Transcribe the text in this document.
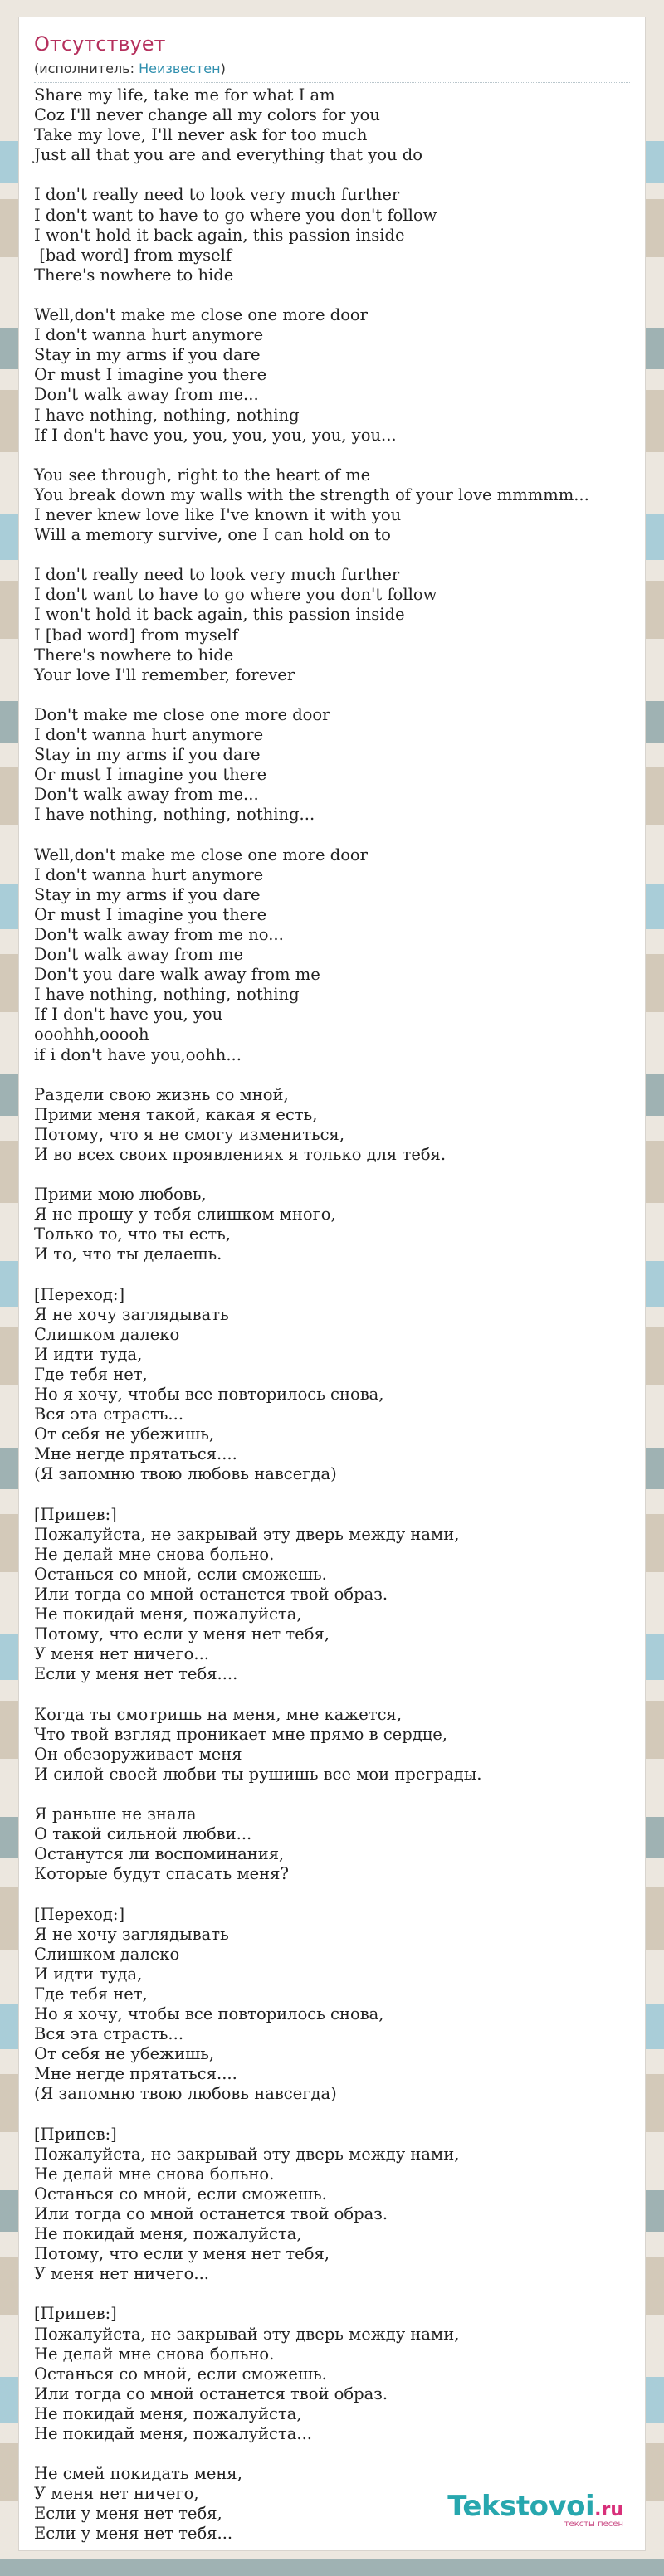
Отсутствует
(исполнитель: Неизвестен)
Share my life, take me for what I am
Coz I'll never change all my colors for you
Take my love, I'll never ask for too much
Just all that you are and everything that you do

I don't really need to look very much further
I don't want to have to go where you don't follow
I won't hold it back again, this passion inside
[bad word] from myself
There's nowhere to hide

Well,don't make me close one more door
I don't wanna hurt anymore
Stay in my arms if you dare
Or must I imagine you there
Don't walk away from me...
I have nothing, nothing, nothing
If I don't have you, you, you, you, you, you...

You see through, right to the heart of me
You break down my walls with the strength of your love mmmmm...
I never knew love like I've known it with you
Will a memory survive, one I can hold on to

I don't really need to look very much further
I don't want to have to go where you don't follow
I won't hold it back again, this passion inside
I [bad word] from myself
There's nowhere to hide
Your love I'll remember, forever

Don't make me close one more door
I don't wanna hurt anymore
Stay in my arms if you dare
Or must I imagine you there
Don't walk away from me...
I have nothing, nothing, nothing...

Well,don't make me close one more door
I don't wanna hurt anymore
Stay in my arms if you dare
Or must I imagine you there
Don't walk away from me no...
Don't walk away from me
Don't you dare walk away from me
I have nothing, nothing, nothing
If I don't have you, you
ooohhh,ooooh
if i don't have you,oohh...

Раздели свою жизнь со мной,
Прими меня такой, какая я есть,
Потому, что я не смогу измениться,
И во всех своих проявлениях я только для тебя.

Прими мою любовь,
Я не прошу у тебя слишком много,
Только то, что ты есть,
И то, что ты делаешь.

[Переход:]
Я не хочу заглядывать
Слишком далеко
И идти туда,
Где тебя нет,
Но я хочу, чтобы все повторилось снова,
Вся эта страсть...
От себя не убежишь,
Мне негде прятаться....
(Я запомню твою любовь навсегда)

[Припев:]
Пожалуйста, не закрывай эту дверь между нами,
Не делай мне снова больно.
Останься со мной, если сможешь.
Или тогда со мной останется твой образ.
Не покидай меня, пожалуйста,
Потому, что если у меня нет тебя,
У меня нет ничего...
Если у меня нет тебя....

Когда ты смотришь на меня, мне кажется,
Что твой взгляд проникает мне прямо в сердце,
Он обезоруживает меня
И силой своей любви ты рушишь все мои преграды.

Я раньше не знала
О такой сильной любви...
Останутся ли воспоминания,
Которые будут спасать меня?

[Переход:]
Я не хочу заглядывать
Слишком далеко
И идти туда,
Где тебя нет,
Но я хочу, чтобы все повторилось снова,
Вся эта страсть...
От себя не убежишь,
Мне негде прятаться....
(Я запомню твою любовь навсегда)

[Припев:]
Пожалуйста, не закрывай эту дверь между нами,
Не делай мне снова больно.
Останься со мной, если сможешь.
Или тогда со мной останется твой образ.
Не покидай меня, пожалуйста,
Потому, что если у меня нет тебя,
У меня нет ничего...

[Припев:]
Пожалуйста, не закрывай эту дверь между нами,
Не делай мне снова больно.
Останься со мной, если сможешь.
Или тогда со мной останется твой образ.
Не покидай меня, пожалуйста,
Не покидай меня, пожалуйста...

Не смей покидать меня,
У меня нет ничего,
Если у меня нет тебя,
Если у меня нет тебя...
Tekstovoi.ru
тексты песен
